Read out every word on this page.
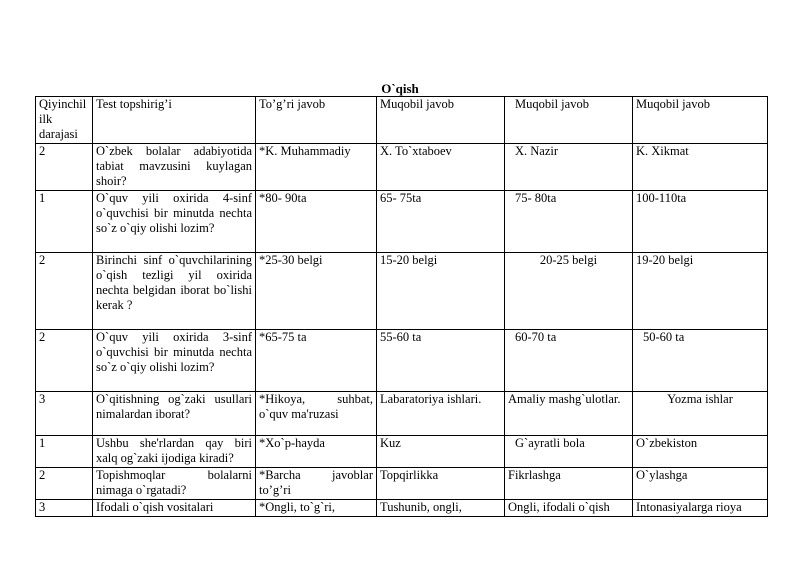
O`qish
Qiyinchil ilk darajasi	Test topshirig’i	To’g’ri javob	Muqobil javob	Muqobil javob	Muqobil javob
2	O`zbek bolalar adabiyotida tabiat mavzusini kuylagan shoir?	*K. Muhammadiy	X. To`xtaboev	X. Nazir	K. Xikmat
1	O`quv yili oxirida 4-sinf o`quvchisi bir minutda nechta so`z o`qiy olishi lozim?	*80- 90ta	65- 75ta	75- 80ta	100-110ta
2	Birinchi sinf o`quvchilarining o`qish tezligi yil oxirida nechta belgidan iborat bo`lishi kerak ?	*25-30 belgi	15-20 belgi	20-25 belgi	19-20 belgi
2	O`quv yili oxirida 3-sinf o`quvchisi bir minutda nechta so`z o`qiy olishi lozim?	*65-75 ta	55-60 ta	60-70 ta	50-60 ta
3	O`qitishning og`zaki usullari nimalardan iborat?	*Hikoya, suhbat, o`quv ma'ruzasi	Labaratoriya ishlari.	Amaliy mashg`ulotlar.	Yozma ishlar
1	Ushbu she'rlardan qay biri xalq og`zaki ijodiga kiradi?	*Xo`p-hayda	Kuz	G`ayratli bola	O`zbekiston
2	Topishmoqlar bolalarni nimaga o`rgatadi?	*Barcha javoblar to’g’ri	Topqirlikka	Fikrlashga	O`ylashga
3	Ifodali o`qish vositalari	*Ongli, to`g`ri,	Tushunib, ongli,	Ongli, ifodali o`qish	Intonasiyalarga rioya
